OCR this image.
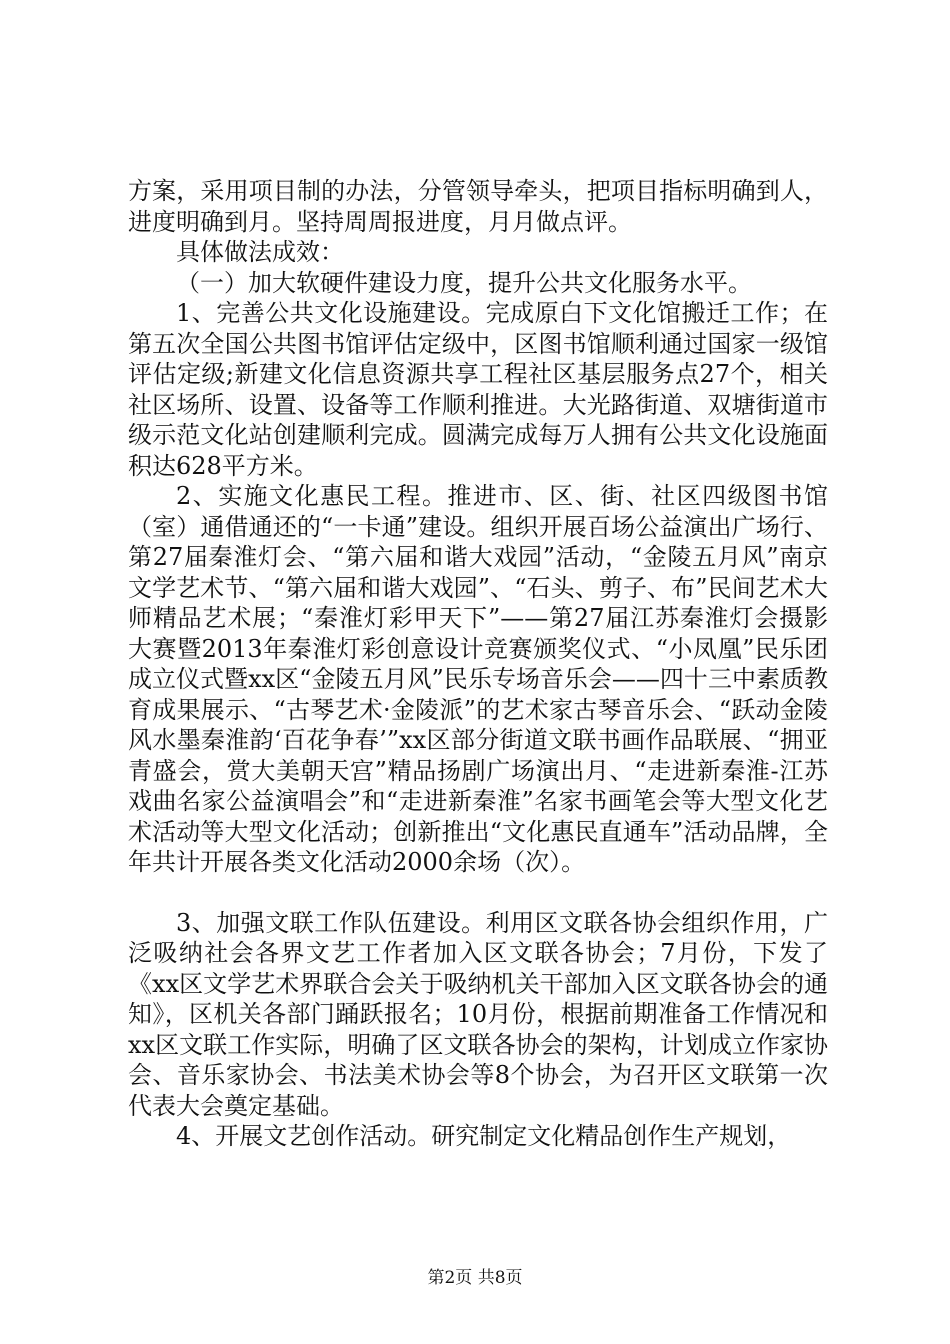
方案，采用项目制的办法，分管领导牵头，把项目指标明确到人，进度明确到月。坚持周周报进度，月月做点评。

具体做法成效：

（一）加大软硬件建设力度，提升公共文化服务水平。

1、完善公共文化设施建设。完成原白下文化馆搬迁工作；在第五次全国公共图书馆评估定级中，区图书馆顺利通过国家一级馆评估定级;新建文化信息资源共享工程社区基层服务点27个，相关社区场所、设置、设备等工作顺利推进。大光路街道、双塘街道市级示范文化站创建顺利完成。圆满完成每万人拥有公共文化设施面积达628平方米。

2、实施文化惠民工程。推进市、区、街、社区四级图书馆（室）通借通还的“一卡通”建设。组织开展百场公益演出广场行、第27届秦淮灯会、“第六届和谐大戏园”活动，“金陵五月风”南京文学艺术节、“第六届和谐大戏园”、“石头、剪子、布”民间艺术大师精品艺术展；“秦淮灯彩甲天下”——第27届江苏秦淮灯会摄影大赛暨2013年秦淮灯彩创意设计竞赛颁奖仪式、“小凤凰”民乐团成立仪式暨xx区“金陵五月风”民乐专场音乐会——四十三中素质教育成果展示、“古琴艺术·金陵派”的艺术家古琴音乐会、“跃动金陵风水墨秦淮韵‘百花争春’”xx区部分街道文联书画作品联展、“拥亚青盛会，赏大美朝天宫”精品扬剧广场演出月、“走进新秦淮-江苏戏曲名家公益演唱会”和“走进新秦淮”名家书画笔会等大型文化艺术活动等大型文化活动；创新推出“文化惠民直通车”活动品牌，全年共计开展各类文化活动2000余场（次）。

3、加强文联工作队伍建设。利用区文联各协会组织作用，广泛吸纳社会各界文艺工作者加入区文联各协会；7月份，下发了《xx区文学艺术界联合会关于吸纳机关干部加入区文联各协会的通知》，区机关各部门踊跃报名；10月份，根据前期准备工作情况和xx区文联工作实际，明确了区文联各协会的架构，计划成立作家协会、音乐家协会、书法美术协会等8个协会，为召开区文联第一次代表大会奠定基础。

4、开展文艺创作活动。研究制定文化精品创作生产规划，

第2页 共8页
